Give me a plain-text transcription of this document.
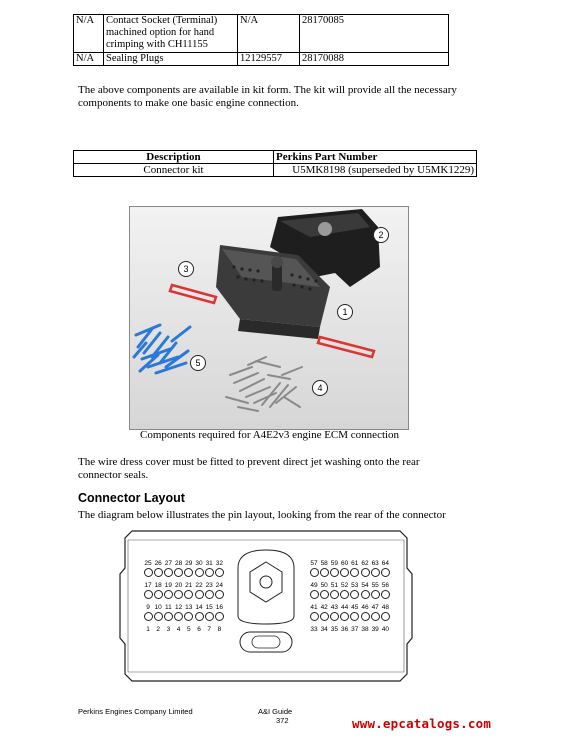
N/A	Contact Socket (Terminal) machined option for hand crimping with CH11155	N/A	28170085
N/A	Sealing Plugs	12129557	28170088
The above components are available in kit form. The kit will provide all the necessary components to make one basic engine connection.
Description	Perkins Part Number
Connector kit	U5MK8198 (superseded by U5MK1229)
2
3
1
5
4
Components required for A4E2v3 engine ECM connection
The wire dress cover must be fitted to prevent direct jet washing onto the rear connector seals.
Connector Layout
The diagram below illustrates the pin layout, looking from the rear of the connector
25 26 27 28 29 30 31 32
17 18 19 20 21 22 23 24
9 10 11 12 13 14 15 16
1	2	3	4	5	6	7	8
57 58 59 60 61 62 63 64
49 50 51 52 53 54 55 56
41 42 43 44 45 46 47 48
33 34 35 36 37 38 39 40
Perkins Engines Company Limited	A&I Guide
372	www.epcatalogs.com
